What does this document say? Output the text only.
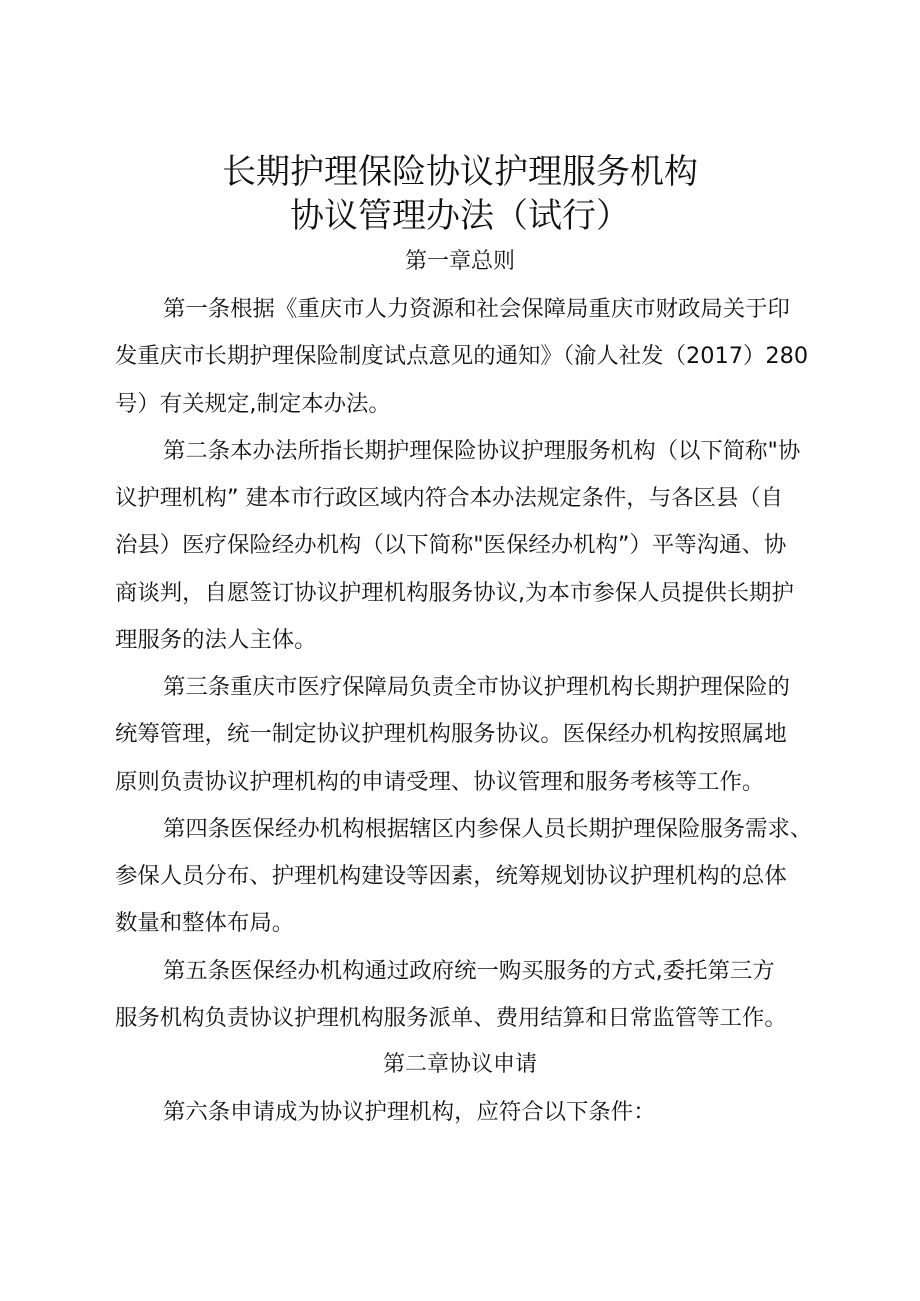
长期护理保险协议护理服务机构
协议管理办法（试行）
第一章总则
第一条根据《重庆市人力资源和社会保障局重庆市财政局关于印
发重庆市长期护理保险制度试点意见的通知》（渝人社发（2017）280
号）有关规定,制定本办法。
第二条本办法所指长期护理保险协议护理服务机构（以下简称"协
议护理机构” 建本市行政区域内符合本办法规定条件，与各区县（自
治县）医疗保险经办机构（以下简称"医保经办机构”）平等沟通、协
商谈判，自愿签订协议护理机构服务协议,为本市参保人员提供长期护
理服务的法人主体。
第三条重庆市医疗保障局负责全市协议护理机构长期护理保险的
统筹管理，统一制定协议护理机构服务协议。医保经办机构按照属地
原则负责协议护理机构的申请受理、协议管理和服务考核等工作。
第四条医保经办机构根据辖区内参保人员长期护理保险服务需求、
参保人员分布、护理机构建设等因素，统筹规划协议护理机构的总体
数量和整体布局。
第五条医保经办机构通过政府统一购买服务的方式,委托第三方
服务机构负责协议护理机构服务派单、费用结算和日常监管等工作。
第二章协议申请
第六条申请成为协议护理机构，应符合以下条件：
